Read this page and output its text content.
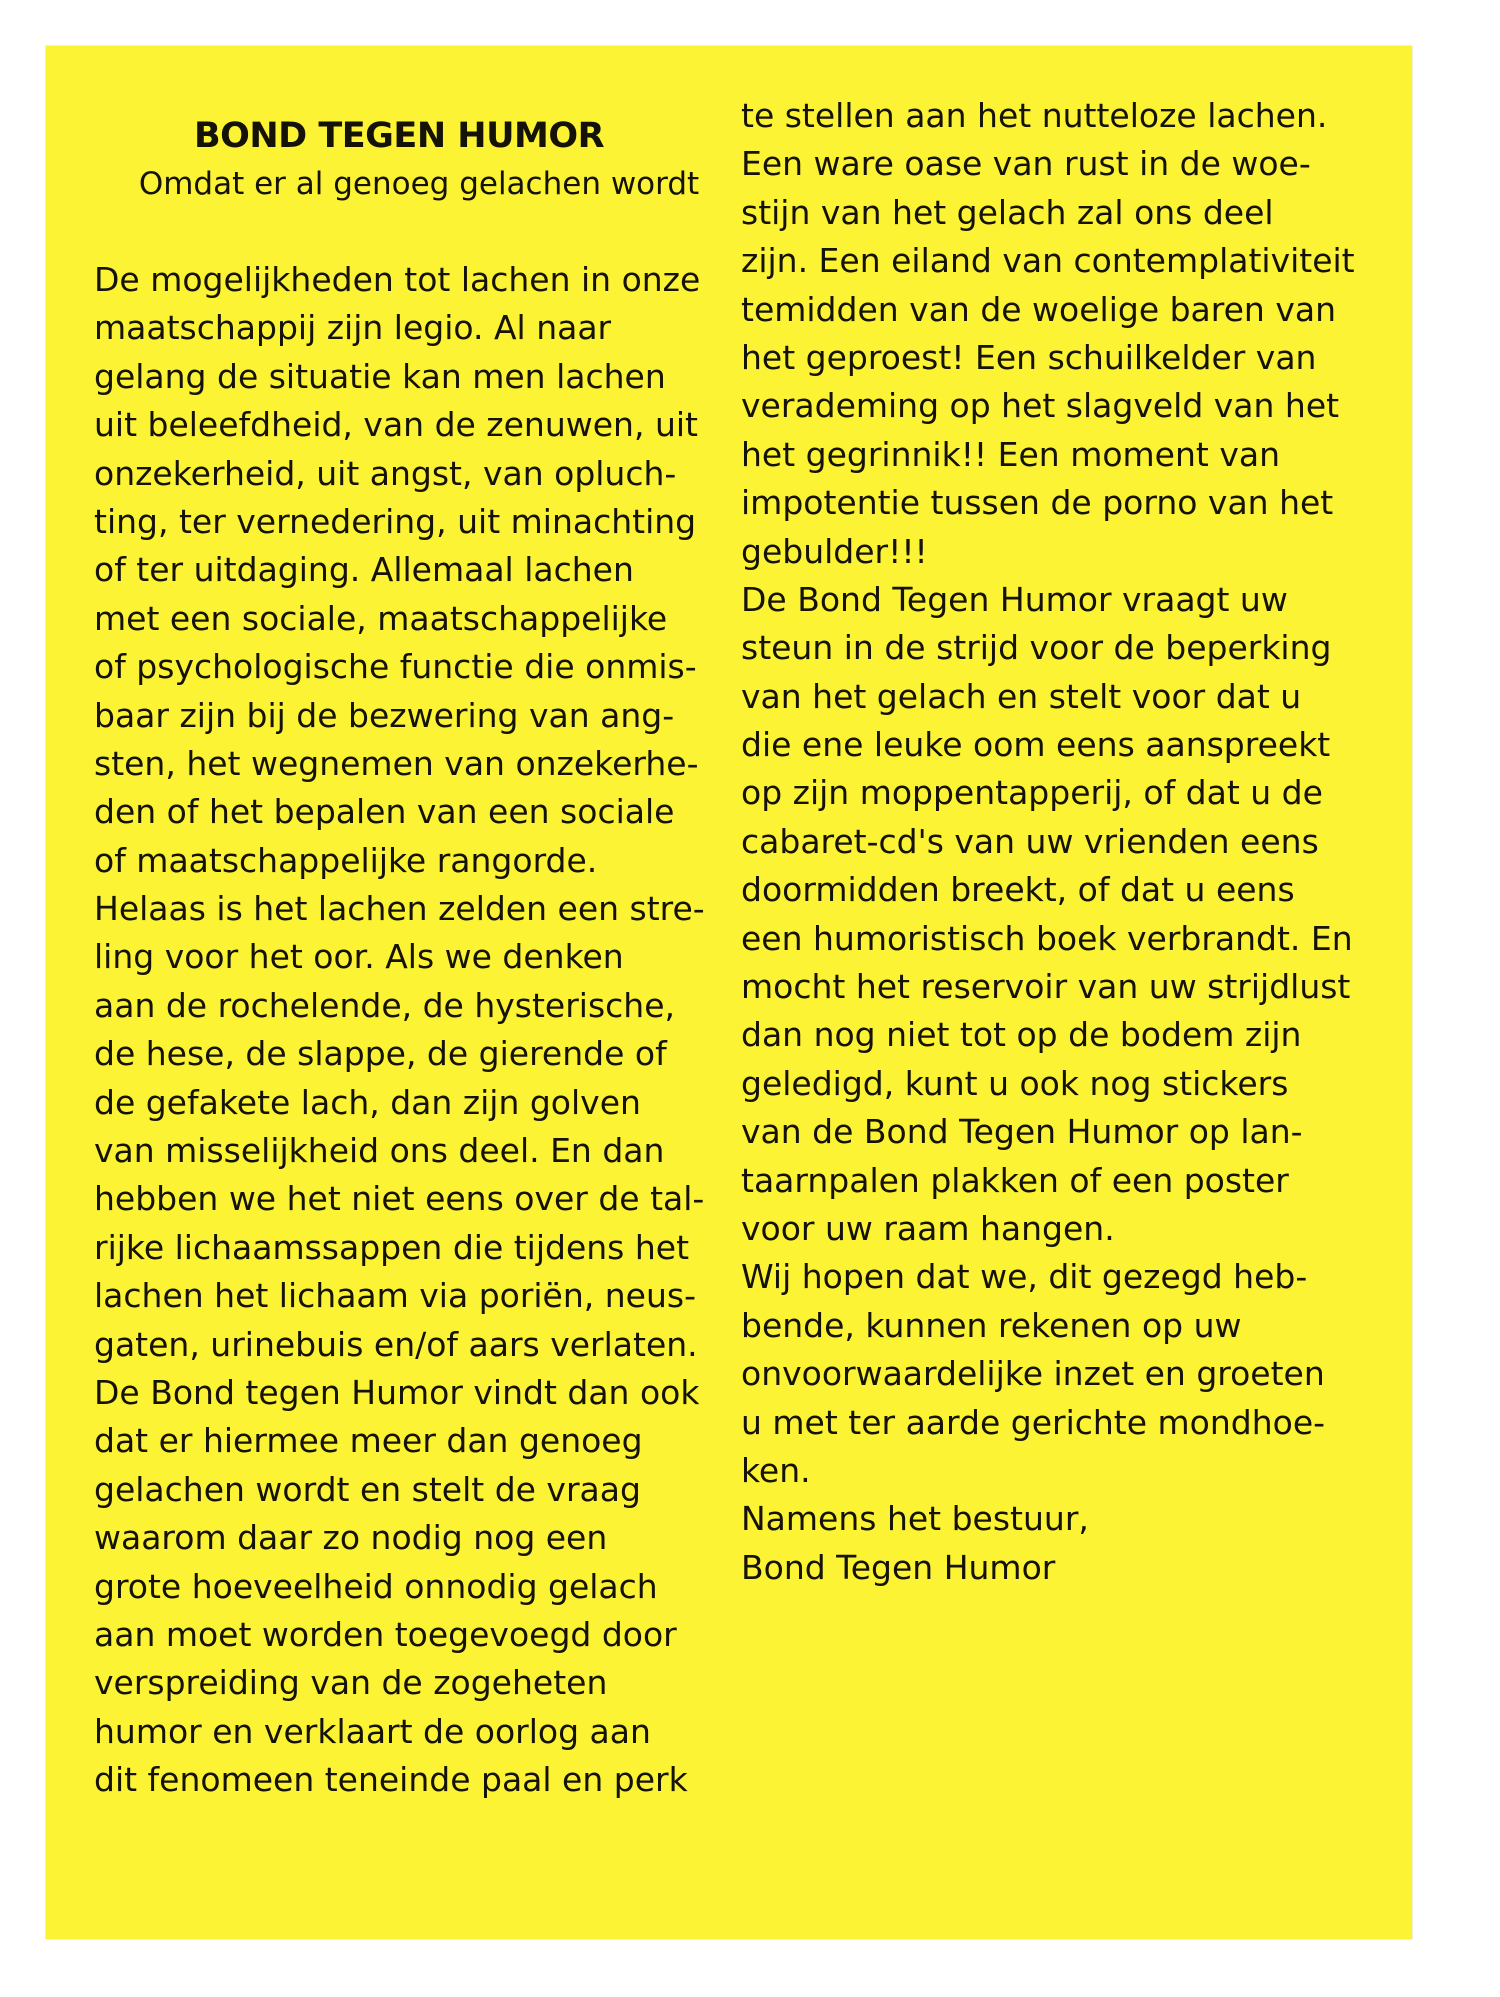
BOND TEGEN HUMOR
Omdat er al genoeg gelachen wordt
De mogelijkheden tot lachen in onze
maatschappij zijn legio. Al naar
gelang de situatie kan men lachen
uit beleefdheid, van de zenuwen, uit
onzekerheid, uit angst, van opluch-
ting, ter vernedering, uit minachting
of ter uitdaging. Allemaal lachen
met een sociale, maatschappelijke
of psychologische functie die onmis-
baar zijn bij de bezwering van ang-
sten, het wegnemen van onzekerhe-
den of het bepalen van een sociale
of maatschappelijke rangorde.
Helaas is het lachen zelden een stre-
ling voor het oor. Als we denken
aan de rochelende, de hysterische,
de hese, de slappe, de gierende of
de gefakete lach, dan zijn golven
van misselijkheid ons deel. En dan
hebben we het niet eens over de tal-
rijke lichaamssappen die tijdens het
lachen het lichaam via poriën, neus-
gaten, urinebuis en/of aars verlaten.
De Bond tegen Humor vindt dan ook
dat er hiermee meer dan genoeg
gelachen wordt en stelt de vraag
waarom daar zo nodig nog een
grote hoeveelheid onnodig gelach
aan moet worden toegevoegd door
verspreiding van de zogeheten
humor en verklaart de oorlog aan
dit fenomeen teneinde paal en perk
te stellen aan het nutteloze lachen.
Een ware oase van rust in de woe-
stijn van het gelach zal ons deel
zijn. Een eiland van contemplativiteit
temidden van de woelige baren van
het geproest! Een schuilkelder van
verademing op het slagveld van het
het gegrinnik!! Een moment van
impotentie tussen de porno van het
gebulder!!!
De Bond Tegen Humor vraagt uw
steun in de strijd voor de beperking
van het gelach en stelt voor dat u
die ene leuke oom eens aanspreekt
op zijn moppentapperij, of dat u de
cabaret-cd's van uw vrienden eens
doormidden breekt, of dat u eens
een humoristisch boek verbrandt. En
mocht het reservoir van uw strijdlust
dan nog niet tot op de bodem zijn
geledigd, kunt u ook nog stickers
van de Bond Tegen Humor op lan-
taarnpalen plakken of een poster
voor uw raam hangen.
Wij hopen dat we, dit gezegd heb-
bende, kunnen rekenen op uw
onvoorwaardelijke inzet en groeten
u met ter aarde gerichte mondhoe-
ken.
Namens het bestuur,
Bond Tegen Humor
